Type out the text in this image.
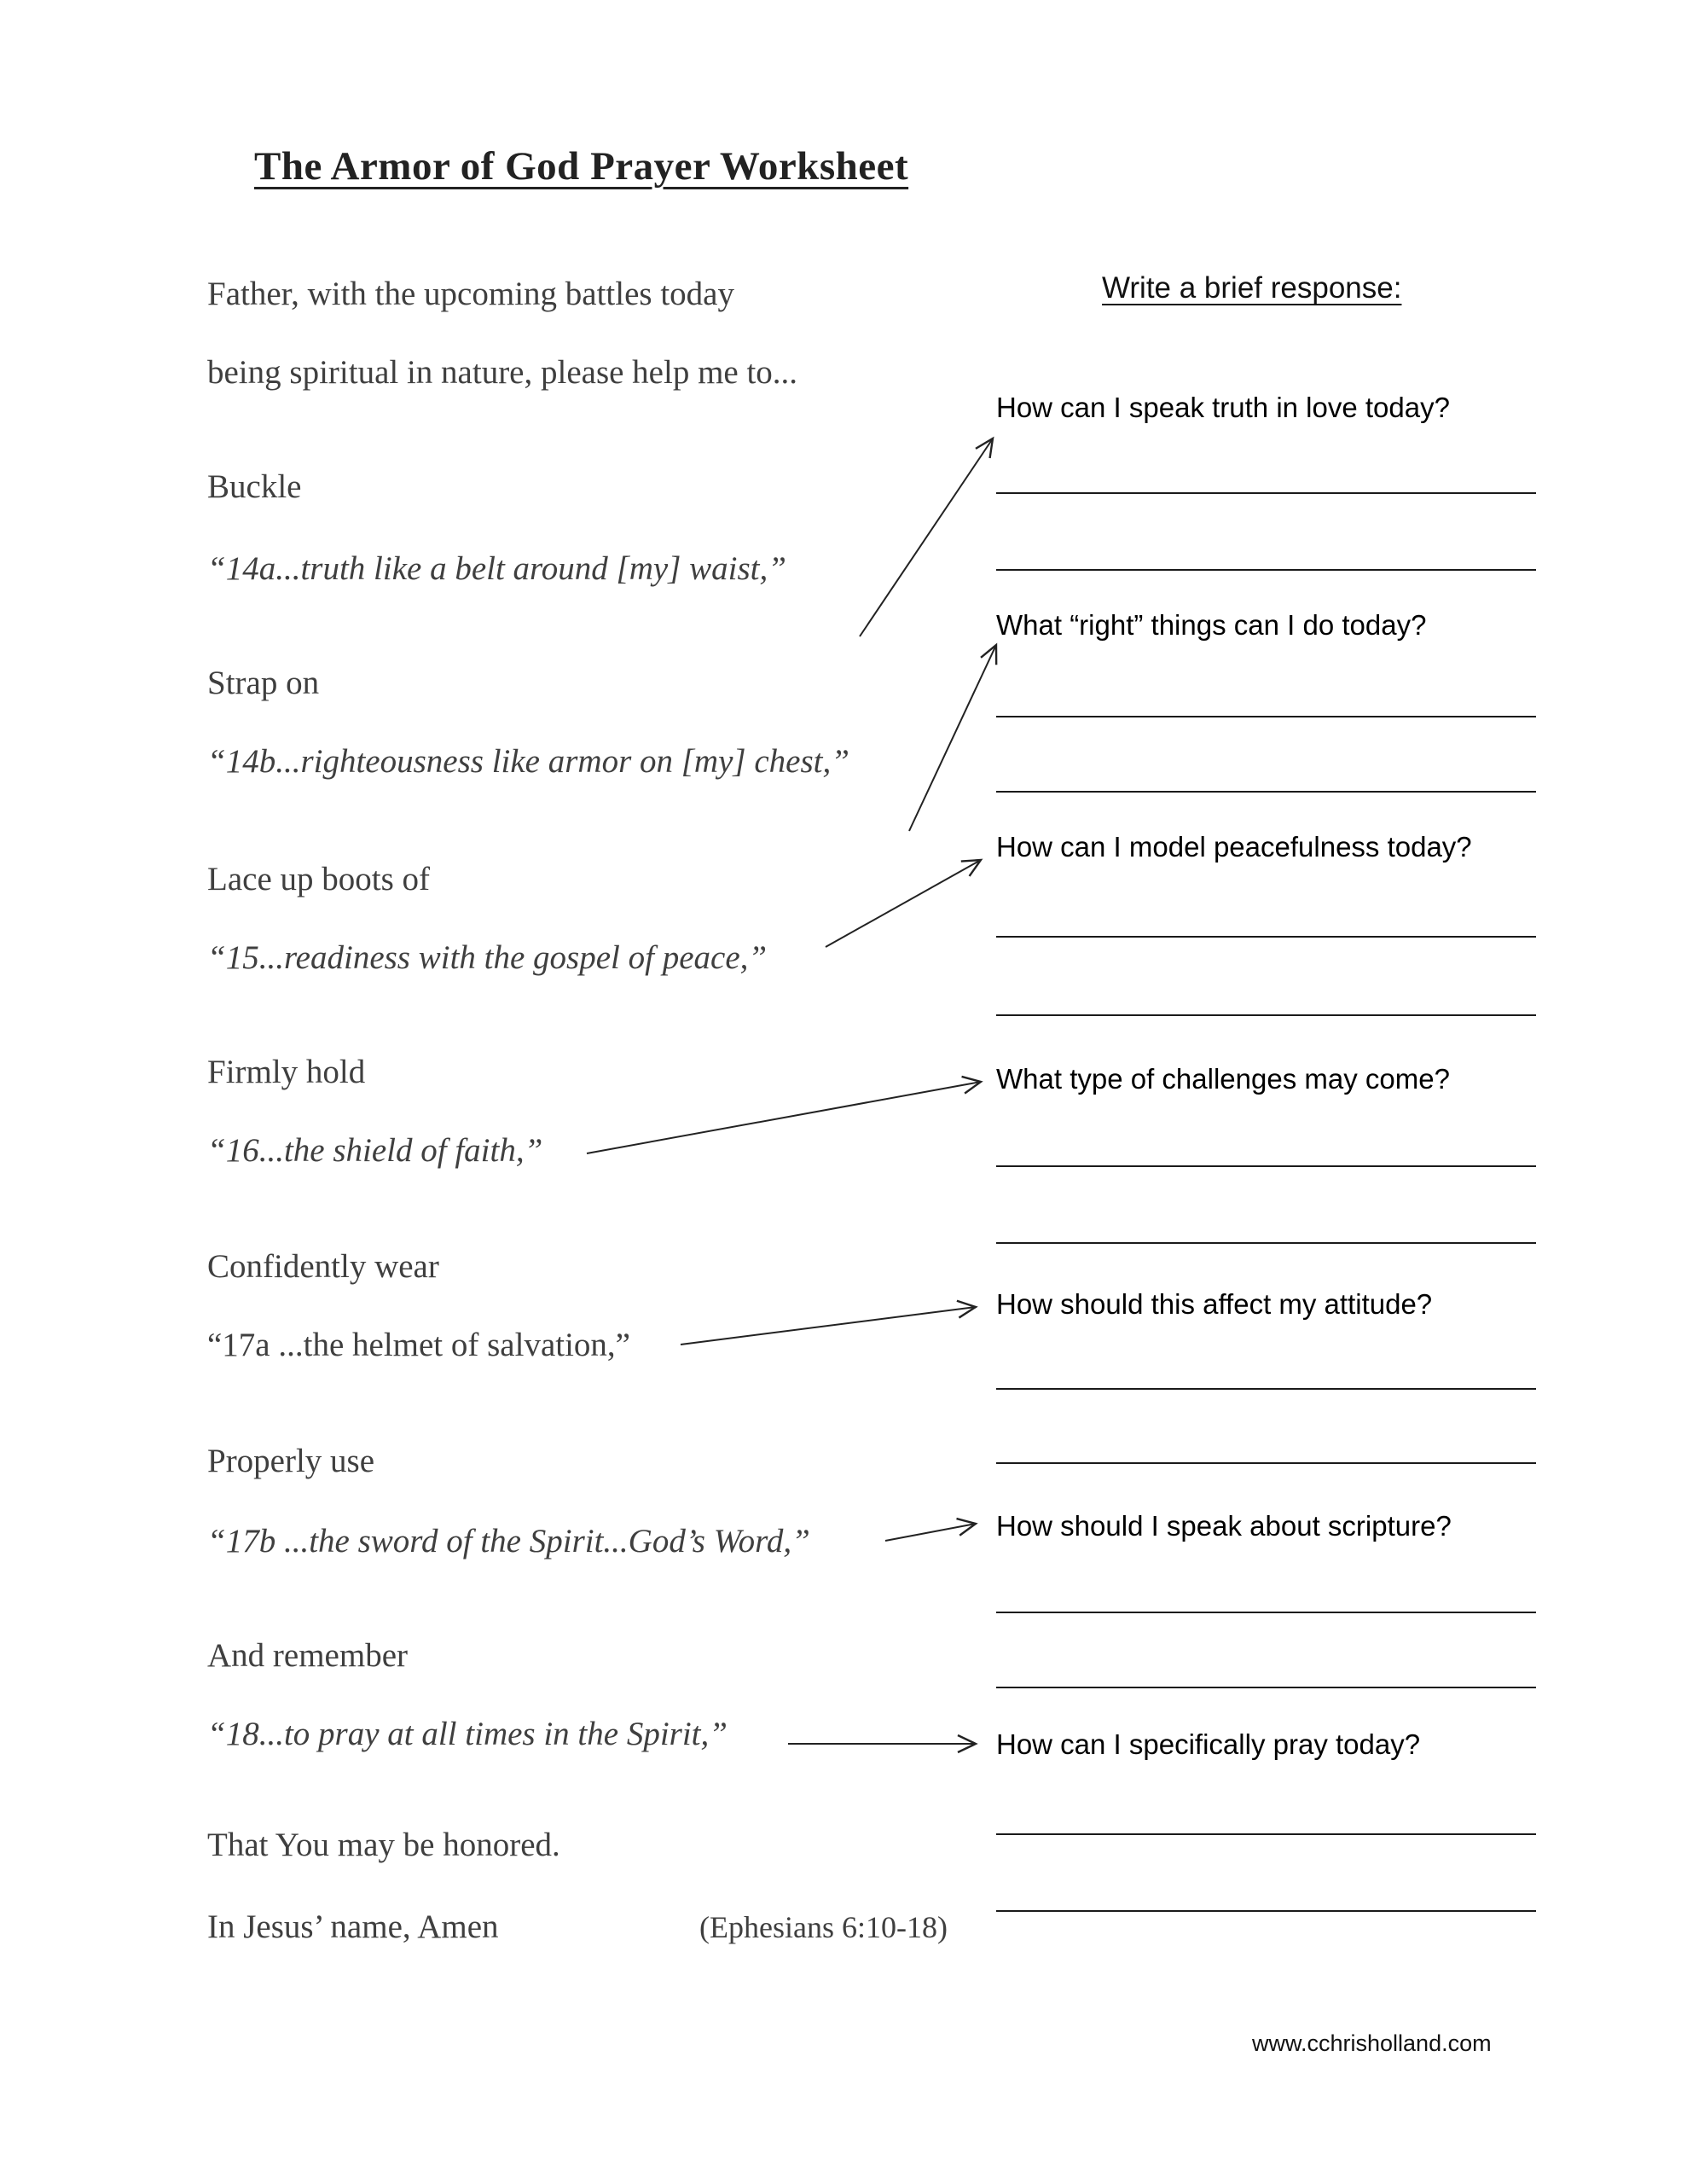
The Armor of God Prayer Worksheet
Father, with the upcoming battles today
being spiritual in nature, please help me to...
Buckle
“14a...truth like a belt around [my] waist,”
Strap on
“14b...righteousness like armor on [my] chest,”
Lace up boots of
“15...readiness with the gospel of peace,”
Firmly hold
“16...the shield of faith,”
Confidently wear
“17a ...the helmet of salvation,”
Properly use
“17b ...the sword of the Spirit...God’s Word,”
And remember
“18...to pray at all times in the Spirit,”
That You may be honored.
In Jesus’ name, Amen	(Ephesians 6:10-18)
Write a brief response:
How can I speak truth in love today?
What “right” things can I do today?
How can I model peacefulness today?
What type of challenges may come?
How should this affect my attitude?
How should I speak about scripture?
How can I specifically pray today?
www.cchrisholland.com
